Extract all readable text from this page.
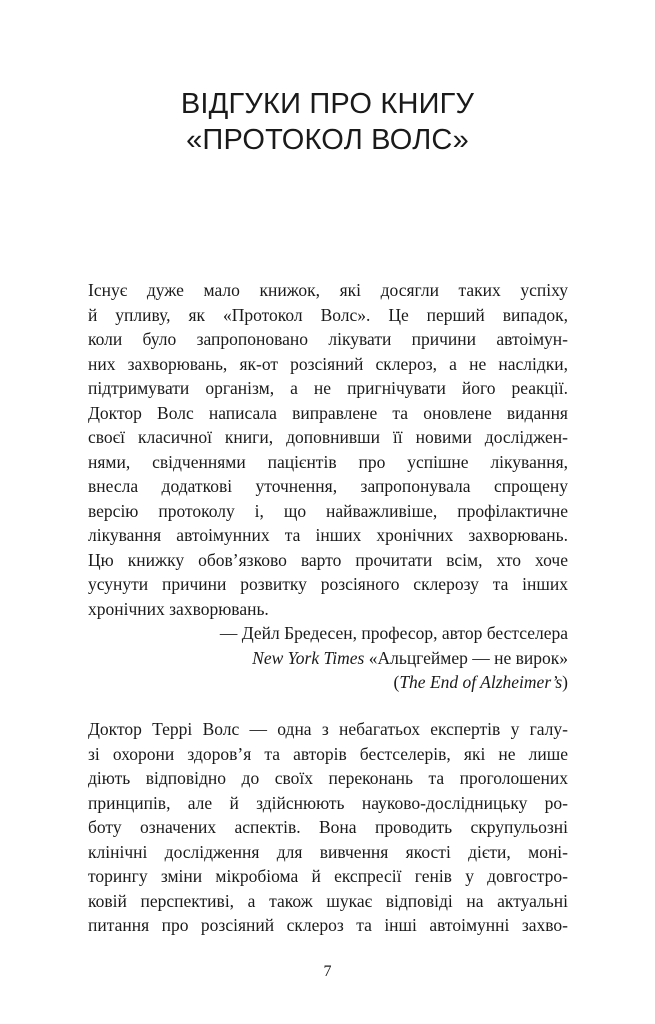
ВІДГУКИ ПРО КНИГУ
«ПРОТОКОЛ ВОЛС»
Існує дуже мало книжок, які досягли таких успіху
й упливу, як «Протокол Волс». Це перший випадок,
коли було запропоновано лікувати причини автоімун-
них захворювань, як-от розсіяний склероз, а не наслідки,
підтримувати організм, а не пригнічувати його реакції.
Доктор Волс написала виправлене та оновлене видання
своєї класичної книги, доповнивши її новими досліджен-
нями, свідченнями пацієнтів про успішне лікування,
внесла додаткові уточнення, запропонувала спрощену
версію протоколу і, що найважливіше, профілактичне
лікування автоімунних та інших хронічних захворювань.
Цю книжку обов’язково варто прочитати всім, хто хоче
усунути причини розвитку розсіяного склерозу та інших
хронічних захворювань.
— Дейл Бредесен, професор, автор бестселера
New York Times «Альцгеймер — не вирок»
(The End of Alzheimer’s)
Доктор Террі Волс — одна з небагатьох експертів у галу-
зі охорони здоров’я та авторів бестселерів, які не лише
діють відповідно до своїх переконань та проголошених
принципів, але й здійснюють науково-дослідницьку ро-
боту означених аспектів. Вона проводить скрупульозні
клінічні дослідження для вивчення якості дієти, моні-
торингу зміни мікробіома й експресії генів у довгостро-
ковій перспективі, а також шукає відповіді на актуальні
питання про розсіяний склероз та інші автоімунні захво-
7
